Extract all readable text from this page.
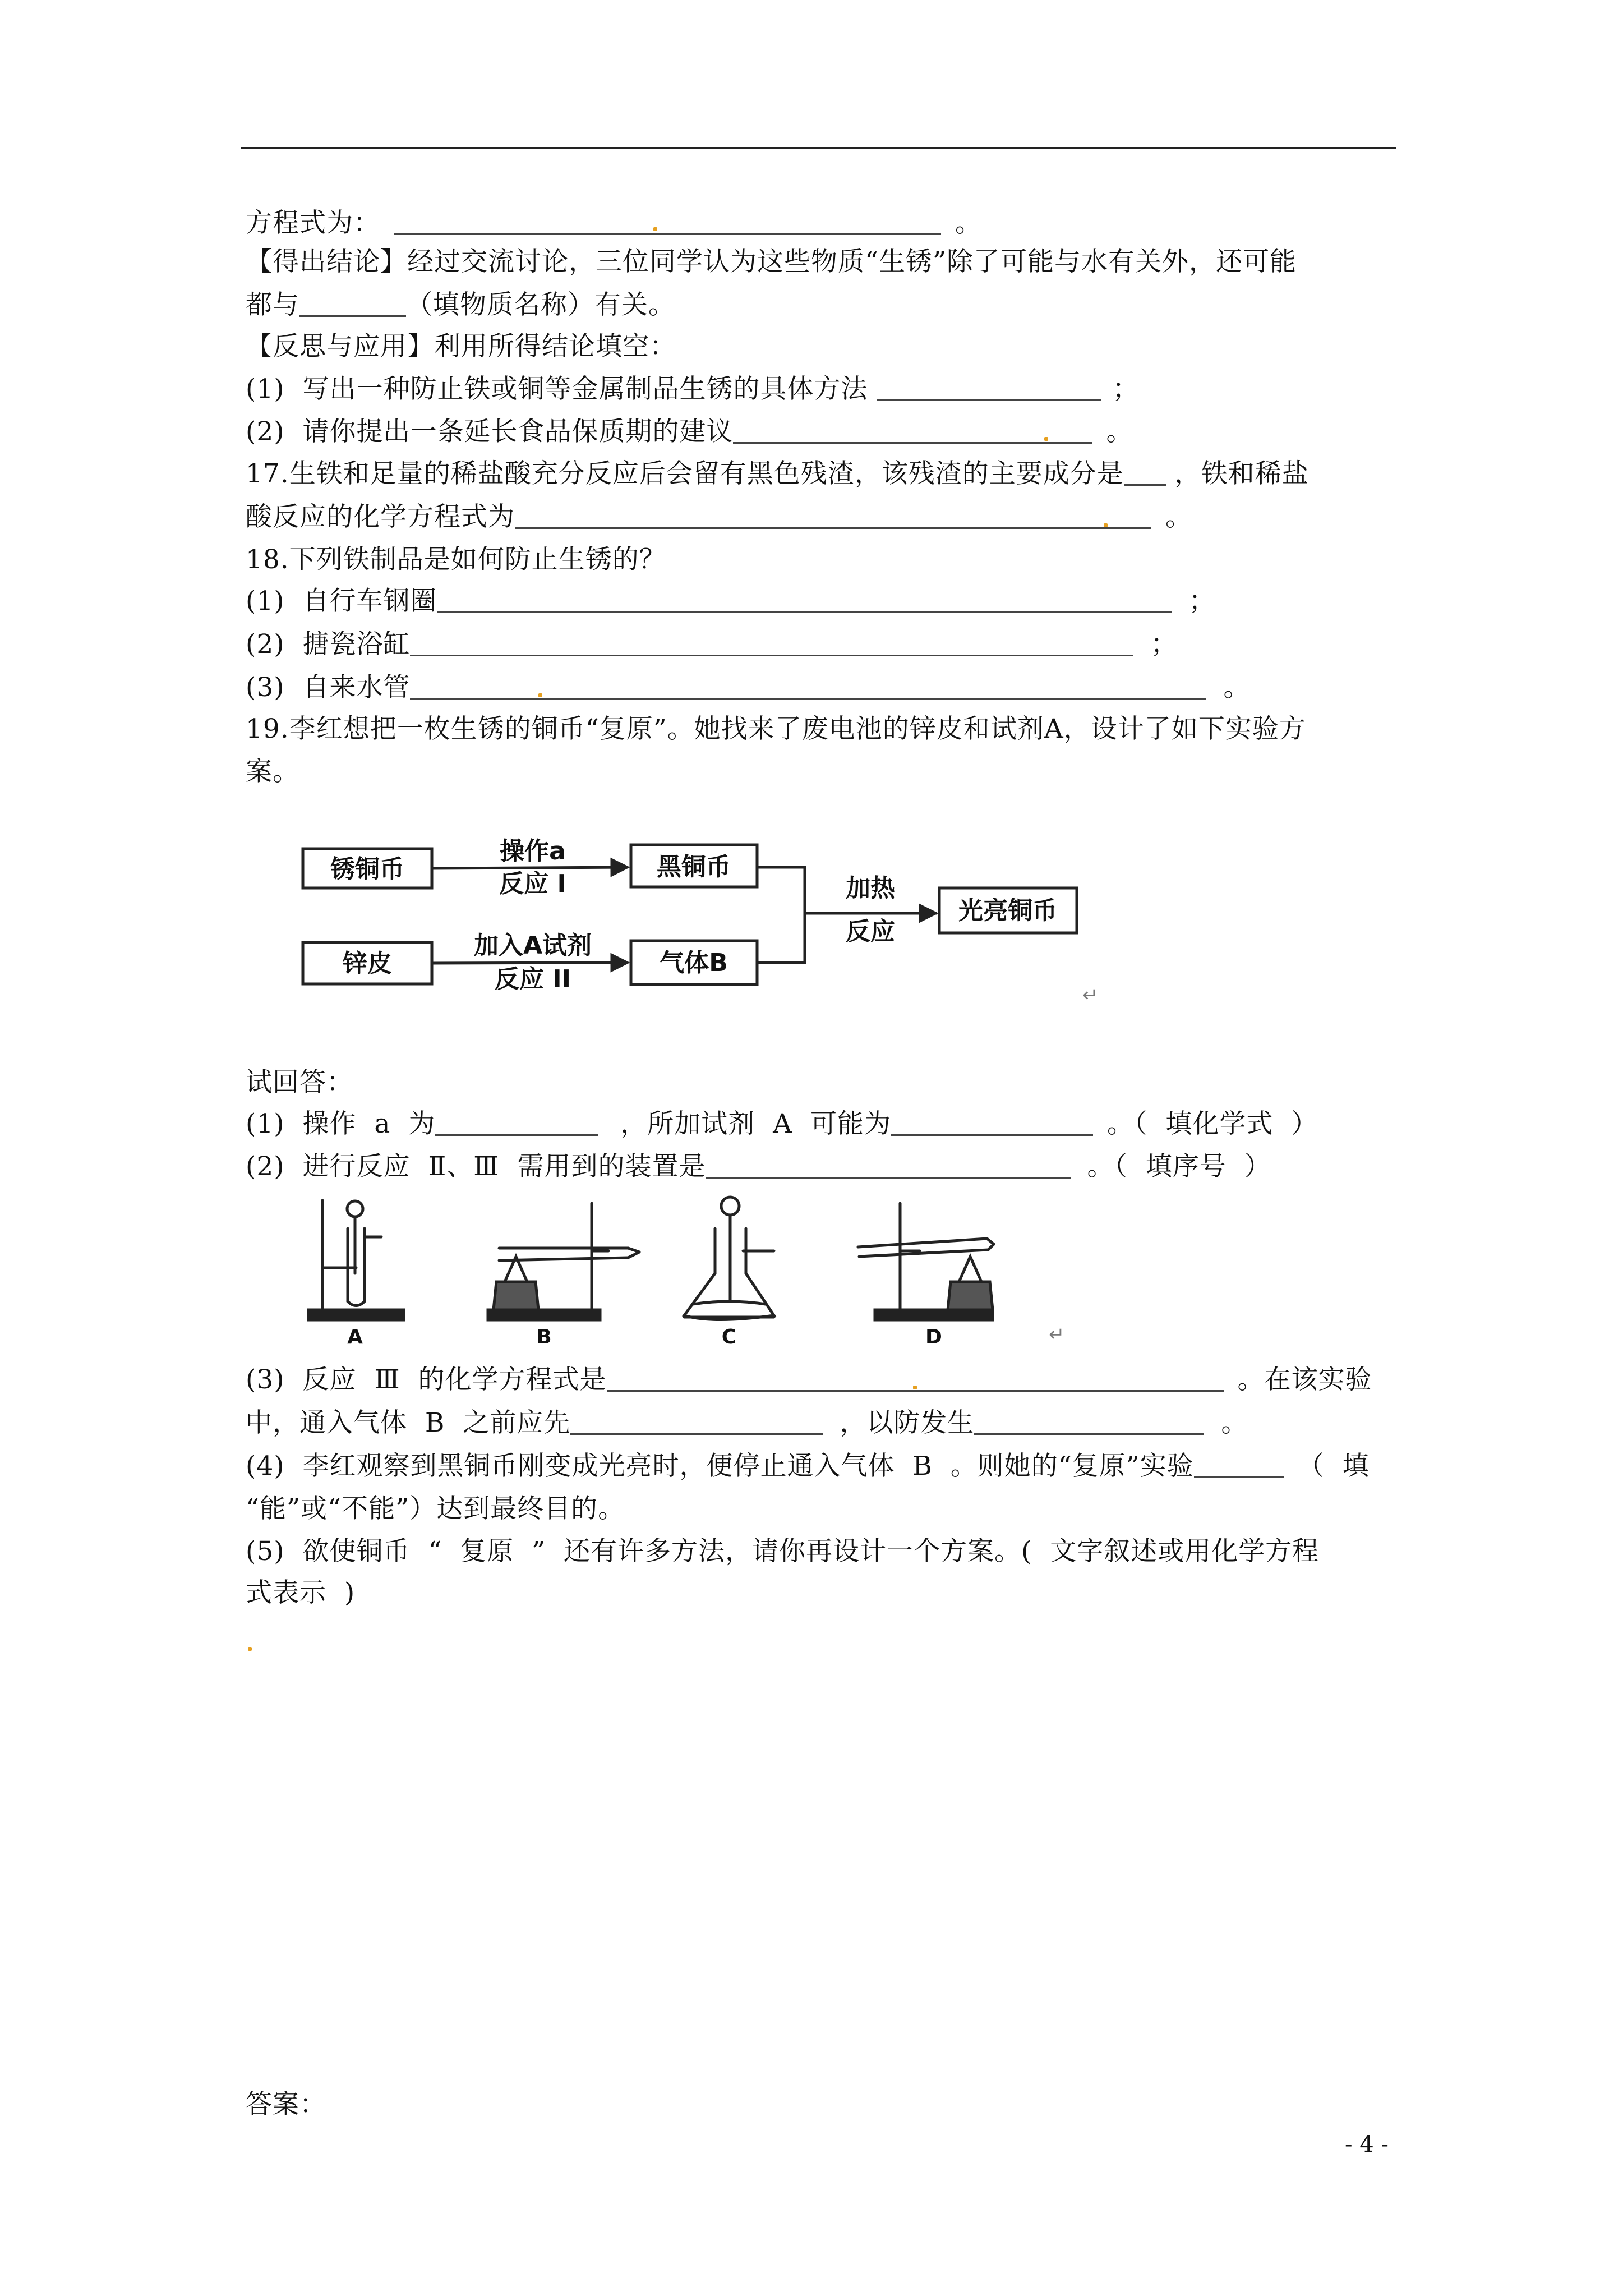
方程式为：	。
【得出结论】经过交流讨论，三位同学认为这些物质“生锈”除了可能与水有关外，还可能
都与	（填物质名称）有关。
【反思与应用】利用所得结论填空：
(1)  写出一种防止铁或铜等金属制品生锈的具体方法	；
(2)  请你提出一条延长食品保质期的建议	。
17.生铁和足量的稀盐酸充分反应后会留有黑色残渣，该残渣的主要成分是 ，铁和稀盐
酸反应的化学方程式为	。
18.下列铁制品是如何防止生锈的？
(1)  自行车钢圈	；
(2)  搪瓷浴缸	；
(3)  自来水管	。
19.李红想把一枚生锈的铜币“复原”。她找来了废电池的锌皮和试剂A，设计了如下实验方
案。
锈铜币	黑铜币
锌皮	气体B
光亮铜币
操作a
反应 I
加入A试剂
反应 II
加热
反应
↵
试回答：
(1)  操作  a  为	，所加试剂  A  可能为	。（  填化学式  ）
(2)  进行反应  Ⅱ、Ⅲ  需用到的装置是	。（  填序号  ）
A	B	C	D	↵
(3)  反应  Ⅲ  的化学方程式是	。在该实验
中，通入气体  B  之前应先	，以防发生	。
(4)  李红观察到黑铜币刚变成光亮时，便停止通入气体  B  。则她的“复原”实验	（  填
“能”或“不能”）达到最终目的。
(5)  欲使铜币  “  复原  ”  还有许多方法，请你再设计一个方案。(  文字叙述或用化学方程
式表示  )
答案：
- 4 -
